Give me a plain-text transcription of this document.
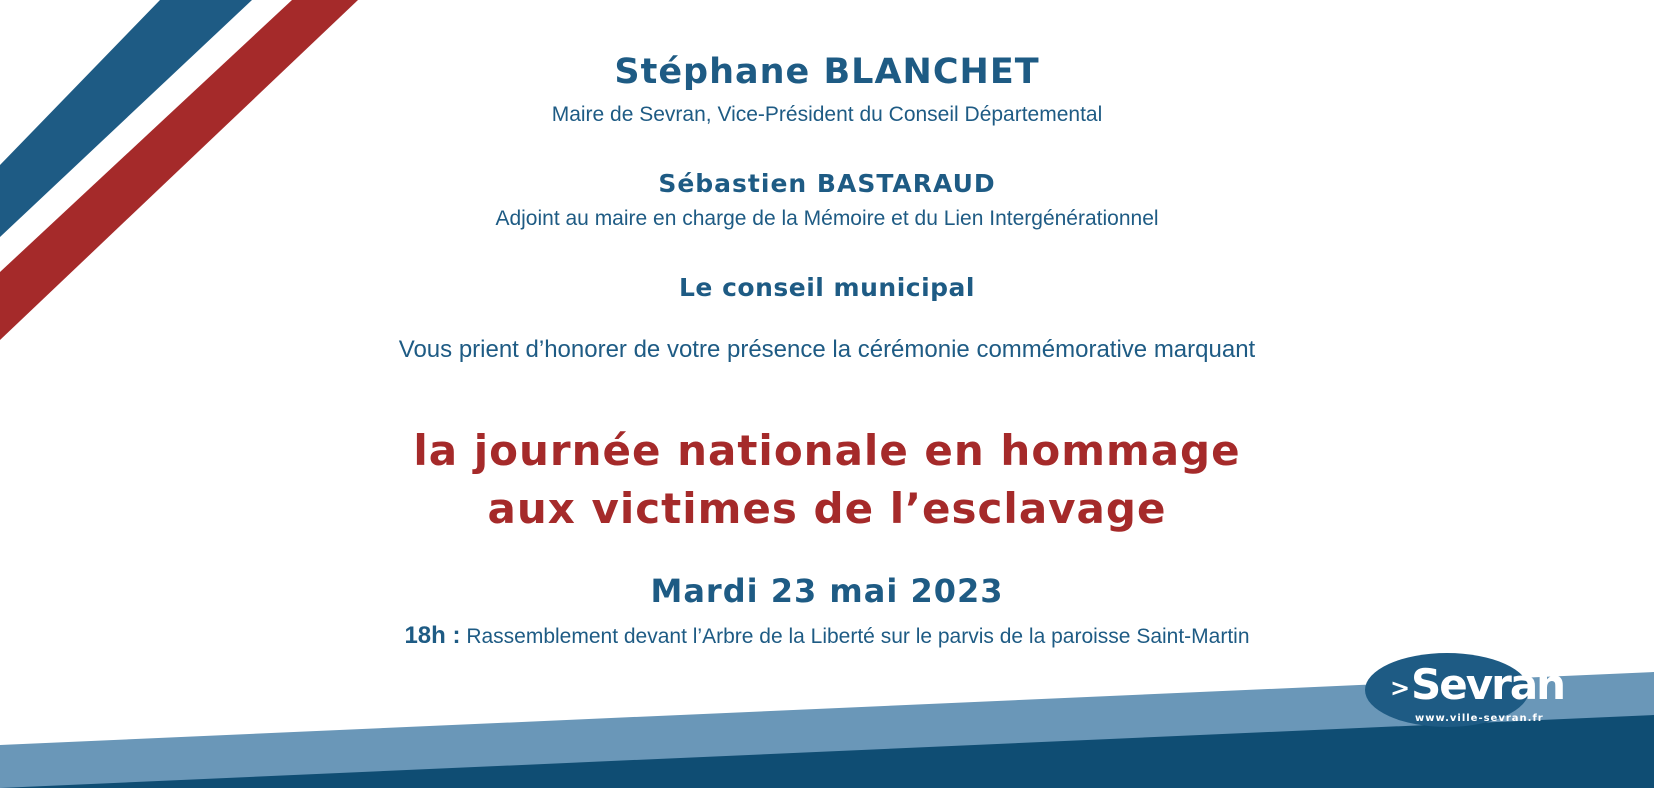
Stéphane BLANCHET
Maire de Sevran, Vice-Président du Conseil Départemental
Sébastien BASTARAUD
Adjoint au maire en charge de la Mémoire et du Lien Intergénérationnel
Le conseil municipal
Vous prient d’honorer de votre présence la cérémonie commémorative marquant
la journée nationale en hommage
aux victimes de l’esclavage
Mardi 23 mai 2023
18h : Rassemblement devant l’Arbre de la Liberté sur le parvis de la paroisse Saint-Martin
> Sevran
www.ville-sevran.fr
